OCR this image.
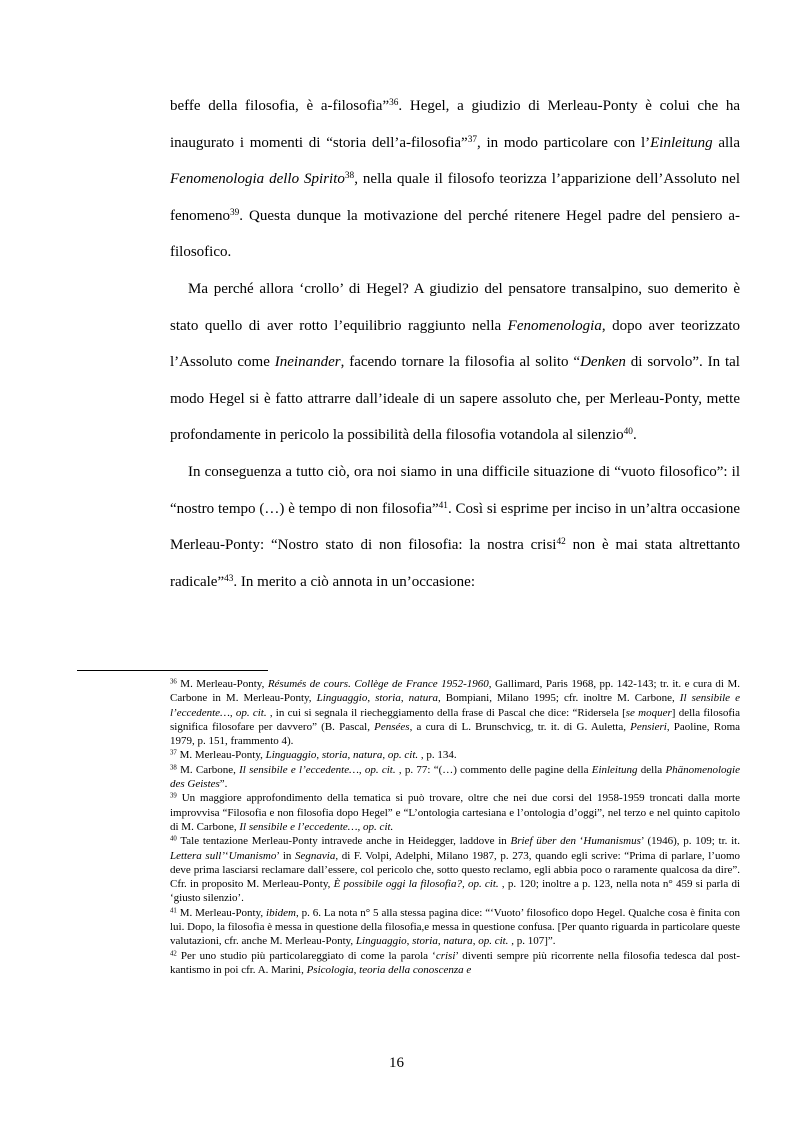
beffe della filosofia, è a-filosofia”$^{36}$. Hegel, a giudizio di Merleau-Ponty è colui che ha inaugurato i momenti di “storia dell’a-filosofia”$^{37}$, in modo particolare con l’Einleitung alla Fenomenologia dello Spirito$^{38}$, nella quale il filosofo teorizza l’apparizione dell’Assoluto nel fenomeno$^{39}$. Questa dunque la motivazione del perché ritenere Hegel padre del pensiero a-filosofico.

Ma perché allora ‘crollo’ di Hegel? A giudizio del pensatore transalpino, suo demerito è stato quello di aver rotto l’equilibrio raggiunto nella Fenomenologia, dopo aver teorizzato l’Assoluto come Ineinander, facendo tornare la filosofia al solito “Denken di sorvolo”. In tal modo Hegel si è fatto attrarre dall’ideale di un sapere assoluto che, per Merleau-Ponty, mette profondamente in pericolo la possibilità della filosofia votandola al silenzio$^{40}$.

In conseguenza a tutto ciò, ora noi siamo in una difficile situazione di “vuoto filosofico”: il “nostro tempo (…) è tempo di non filosofia”$^{41}$. Così si esprime per inciso in un’altra occasione Merleau-Ponty: “Nostro stato di non filosofia: la nostra crisi$^{42}$ non è mai stata altrettanto radicale”$^{43}$. In merito a ciò annota in un’occasione:

$^{36}$ M. Merleau-Ponty, Résumés de cours. Collège de France 1952-1960, Gallimard, Paris 1968, pp. 142-143; tr. it. e cura di M. Carbone in M. Merleau-Ponty, Linguaggio, storia, natura, Bompiani, Milano 1995; cfr. inoltre M. Carbone, Il sensibile e l’eccedente…, op. cit. , in cui si segnala il riecheggiamento della frase di Pascal che dice: “Ridersela [se moquer] della filosofia significa filosofare per davvero” (B. Pascal, Pensées, a cura di L. Brunschvicg, tr. it. di G. Auletta, Pensieri, Paoline, Roma 1979, p. 151, frammento 4).

$^{37}$ M. Merleau-Ponty, Linguaggio, storia, natura, op. cit. , p. 134.

$^{38}$ M. Carbone, Il sensibile e l’eccedente…, op. cit. , p. 77: “(…) commento delle pagine della Einleitung della Phänomenologie des Geistes”.

$^{39}$ Un maggiore approfondimento della tematica si può trovare, oltre che nei due corsi del 1958-1959 troncati dalla morte improvvisa “Filosofia e non filosofia dopo Hegel” e “L’ontologia cartesiana e l’ontologia d’oggi”, nel terzo e nel quinto capitolo di M. Carbone, Il sensibile e l’eccedente…, op. cit.

$^{40}$ Tale tentazione Merleau-Ponty intravede anche in Heidegger, laddove in Brief über den ‘Humanismus’ (1946), p. 109; tr. it. Lettera sull’‘Umanismo’ in Segnavia, di F. Volpi, Adelphi, Milano 1987, p. 273, quando egli scrive: “Prima di parlare, l’uomo deve prima lasciarsi reclamare dall’essere, col pericolo che, sotto questo reclamo, egli abbia poco o raramente qualcosa da dire”. Cfr. in proposito M. Merleau-Ponty, È possibile oggi la filosofia?, op. cit. , p. 120; inoltre a p. 123, nella nota n° 459 si parla di ‘giusto silenzio’.

$^{41}$ M. Merleau-Ponty, ibidem, p. 6. La nota n° 5 alla stessa pagina dice: “‘Vuoto’ filosofico dopo Hegel. Qualche cosa è finita con lui. Dopo, la filosofia è messa in questione della filosofia,e messa in questione confusa. [Per quanto riguarda in particolare queste valutazioni, cfr. anche M. Merleau-Ponty, Linguaggio, storia, natura, op. cit. , p. 107]”.

$^{42}$ Per uno studio più particolareggiato di come la parola ‘crisi’ diventi sempre più ricorrente nella filosofia tedesca dal post-kantismo in poi cfr. A. Marini, Psicologia, teoria della conoscenza e

16
